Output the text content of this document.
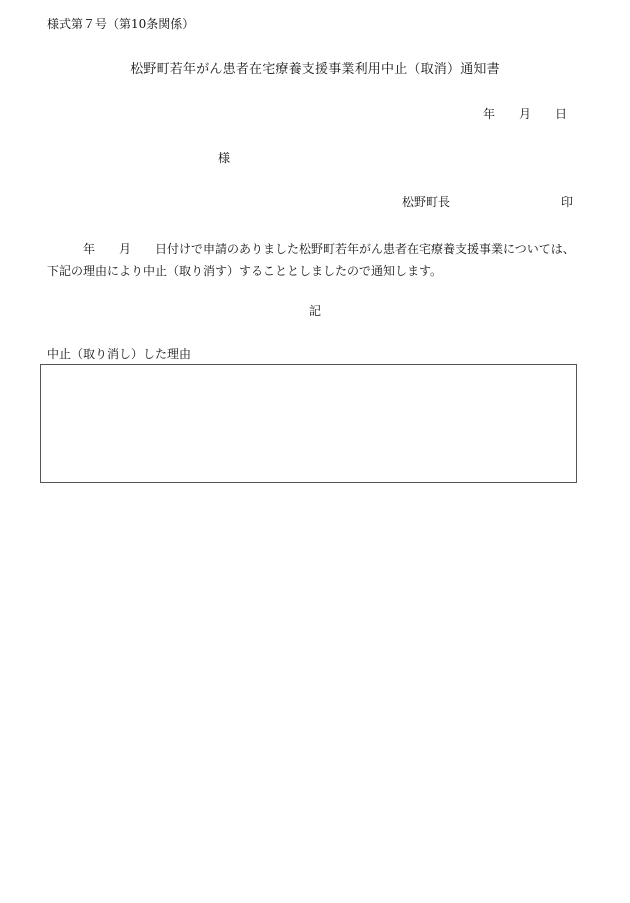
様式第７号（第10条関係）
松野町若年がん患者在宅療養支援事業利用中止（取消）通知書
年 月 日
様
松野町長	印
年 月 日付けで申請のありました松野町若年がん患者在宅療養支援事業については、
下記の理由により中止（取り消す）することとしましたので通知します。
記
中止（取り消し）した理由
